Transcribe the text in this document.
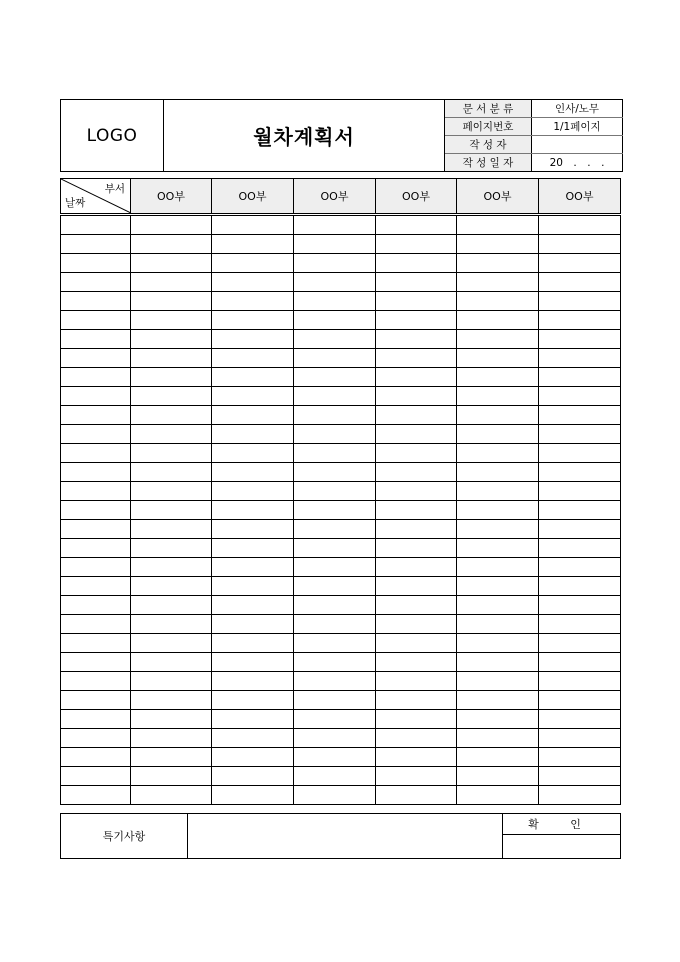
LOGO	월차계획서	문 서 분 류	인사/노무
		페이지번호	1/1페이지
		작 성 자	
		작 성 일 자	20　.　.　.
부서
날짜	OO부	OO부	OO부	OO부	OO부	OO부

특기사항		확 인
